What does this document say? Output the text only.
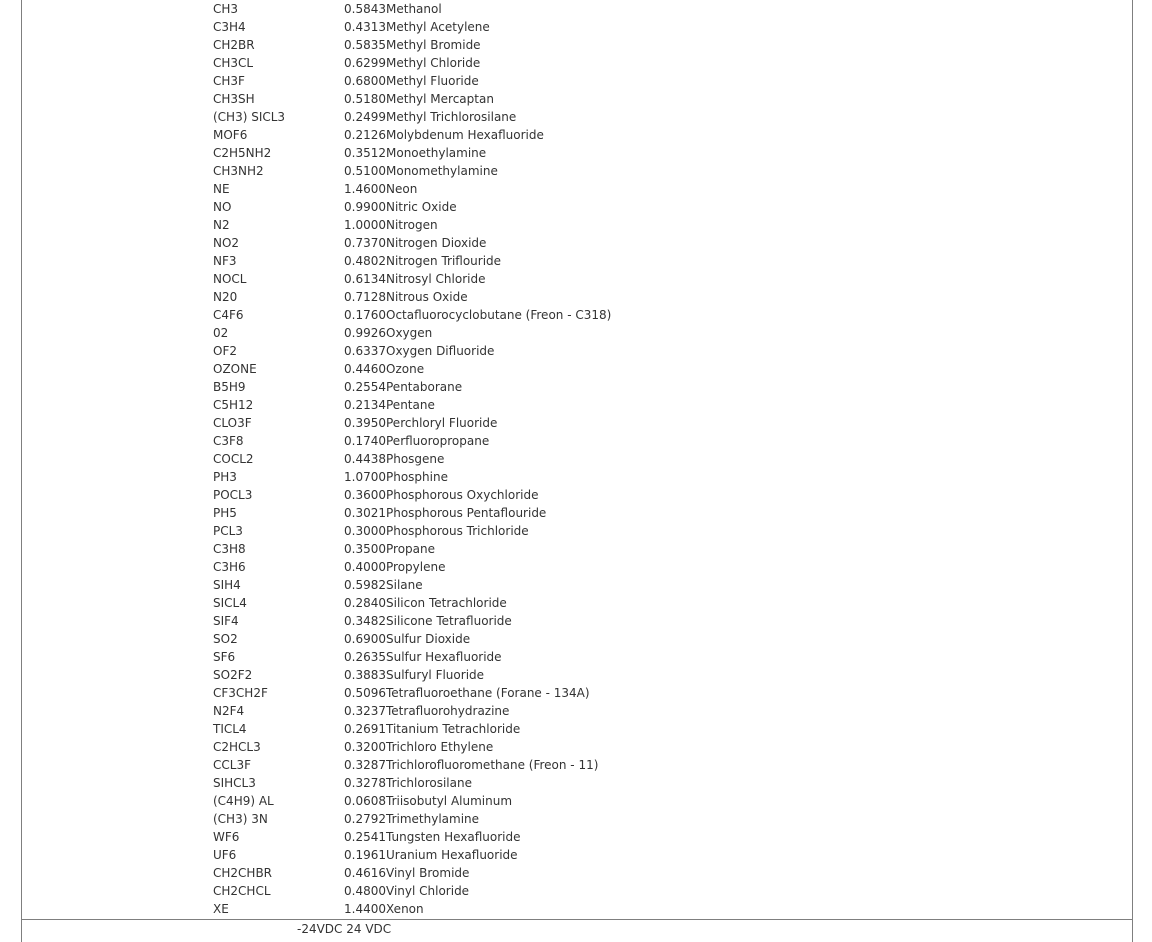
CH3	0.5843 Methanol
C3H4	0.4313 Methyl Acetylene
CH2BR	0.5835 Methyl Bromide
CH3CL	0.6299 Methyl Chloride
CH3F	0.6800 Methyl Fluoride
CH3SH	0.5180 Methyl Mercaptan
(CH3) SICL3	0.2499 Methyl Trichlorosilane
MOF6	0.2126 Molybdenum Hexafluoride
C2H5NH2	0.3512 Monoethylamine
CH3NH2	0.5100 Monomethylamine
NE	1.4600 Neon
NO	0.9900 Nitric Oxide
N2	1.0000 Nitrogen
NO2	0.7370 Nitrogen Dioxide
NF3	0.4802 Nitrogen Triflouride
NOCL	0.6134 Nitrosyl Chloride
N20	0.7128 Nitrous Oxide
C4F6	0.1760 Octafluorocyclobutane (Freon - C318)
02	0.9926 Oxygen
OF2	0.6337 Oxygen Difluoride
OZONE	0.4460 Ozone
B5H9	0.2554 Pentaborane
C5H12	0.2134 Pentane
CLO3F	0.3950 Perchloryl Fluoride
C3F8	0.1740 Perfluoropropane
COCL2	0.4438 Phosgene
PH3	1.0700 Phosphine
POCL3	0.3600 Phosphorous Oxychloride
PH5	0.3021 Phosphorous Pentaflouride
PCL3	0.3000 Phosphorous Trichloride
C3H8	0.3500 Propane
C3H6	0.4000 Propylene
SIH4	0.5982 Silane
SICL4	0.2840 Silicon Tetrachloride
SIF4	0.3482 Silicone Tetrafluoride
SO2	0.6900 Sulfur Dioxide
SF6	0.2635 Sulfur Hexafluoride
SO2F2	0.3883 Sulfuryl Fluoride
CF3CH2F	0.5096 Tetrafluoroethane (Forane - 134A)
N2F4	0.3237 Tetrafluorohydrazine
TICL4	0.2691 Titanium Tetrachloride
C2HCL3	0.3200 Trichloro Ethylene
CCL3F	0.3287 Trichlorofluoromethane (Freon - 11)
SIHCL3	0.3278 Trichlorosilane
(C4H9) AL	0.0608 Triisobutyl Aluminum
(CH3) 3N	0.2792 Trimethylamine
WF6	0.2541 Tungsten Hexafluoride
UF6	0.1961 Uranium Hexafluoride
CH2CHBR	0.4616 Vinyl Bromide
CH2CHCL	0.4800 Vinyl Chloride
XE	1.4400 Xenon
-24VDC 24 VDC
